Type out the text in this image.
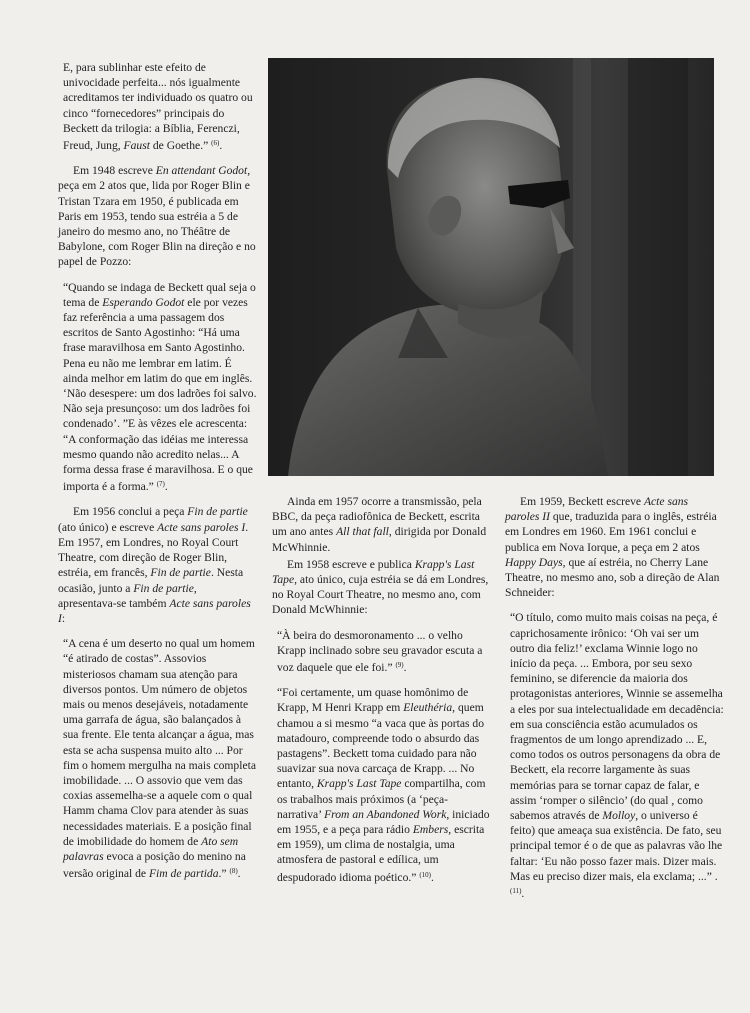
E, para sublinhar este efeito de univocidade perfeita... nós igualmente acreditamos ter individuado os quatro ou cinco “fornecedores” principais do Beckett da trilogia: a Bíblia, Ferenczi, Freud, Jung, Faust de Goethe.” $^{(6)}$.

Em 1948 escreve En attendant Godot, peça em 2 atos que, lida por Roger Blin e Tristan Tzara em 1950, é publicada em Paris em 1953, tendo sua estréia a 5 de janeiro do mesmo ano, no Théâtre de Babylone, com Roger Blin na direção e no papel de Pozzo:

“Quando se indaga de Beckett qual seja o tema de Esperando Godot ele por vezes faz referência a uma passagem dos escritos de Santo Agostinho: “Há uma frase maravilhosa em Santo Agostinho. Pena eu não me lembrar em latim. É ainda melhor em latim do que em inglês. ‘Não desespere: um dos ladrões foi salvo. Não seja presunçoso: um dos ladrões foi condenado’. ”E às vêzes ele acrescenta: “A conformação das idéias me interessa mesmo quando não acredito nelas... A forma dessa frase é maravilhosa. E o que importa é a forma.” $^{(7)}$.

Em 1956 conclui a peça Fin de partie (ato único) e escreve Acte sans paroles I. Em 1957, em Londres, no Royal Court Theatre, com direção de Roger Blin, estréia, em francês, Fin de partie. Nesta ocasião, junto a Fin de partie, apresentava-se também Acte sans paroles I:

“A cena é um deserto no qual um homem “é atirado de costas”. Assovios misteriosos chamam sua atenção para diversos pontos. Um número de objetos mais ou menos desejáveis, notadamente uma garrafa de água, são balançados à sua frente. Ele tenta alcançar a água, mas esta se acha suspensa muito alto ... Por fim o homem mergulha na mais completa imobilidade. ... O assovio que vem das coxias assemelha-se a aquele com o qual Hamm chama Clov para atender às suas necessidades materiais. E a posição final de imobilidade do homem de Ato sem palavras evoca a posição do menino na versão original de Fim de partida.” $^{(8)}$.

Ainda em 1957 ocorre a transmissão, pela BBC, da peça radiofônica de Beckett, escrita um ano antes All that fall, dirigida por Donald McWhinnie.

Em 1958 escreve e publica Krapp's Last Tape, ato único, cuja estréia se dá em Londres, no Royal Court Theatre, no mesmo ano, com Donald McWhinnie:

“À beira do desmoronamento ... o velho Krapp inclinado sobre seu gravador escuta a voz daquele que ele foi.” $^{(9)}$.

“Foi certamente, um quase homônimo de Krapp, M Henri Krapp em Eleuthéria, quem chamou a si mesmo “a vaca que às portas do matadouro, compreende todo o absurdo das pastagens”. Beckett toma cuidado para não suavizar sua nova carcaça de Krapp. ... No entanto, Krapp's Last Tape compartilha, com os trabalhos mais próximos (a ‘peça-narrativa’ From an Abandoned Work, iniciado em 1955, e a peça para rádio Embers, escrita em 1959), um clima de nostalgia, uma atmosfera de pastoral e edílica, um despudorado idioma poético.” $^{(10)}$.

Em 1959, Beckett escreve Acte sans paroles II que, traduzida para o inglês, estréia em Londres em 1960. Em 1961 conclui e publica em Nova Iorque, a peça em 2 atos Happy Days, que aí estréia, no Cherry Lane Theatre, no mesmo ano, sob a direção de Alan Schneider:

“O título, como muito mais coisas na peça, é caprichosamente irônico: ‘Oh vai ser um outro dia feliz!’ exclama Winnie logo no início da peça. ... Embora, por seu sexo feminino, se diferencie da maioria dos protagonistas anteriores, Winnie se assemelha a eles por sua intelectualidade em decadência: em sua consciência estão acumulados os fragmentos de um longo aprendizado ... E, como todos os outros personagens da obra de Beckett, ela recorre largamente às suas memórias para se tornar capaz de falar, e assim ‘romper o silêncio’ (do qual , como sabemos através de Molloy, o universo é feito) que ameaça sua existência. De fato, seu principal temor é o de que as palavras vão lhe faltar: ‘Eu não posso fazer mais. Dizer mais. Mas eu preciso dizer mais, ela exclama; ...” . $^{(11)}$.
